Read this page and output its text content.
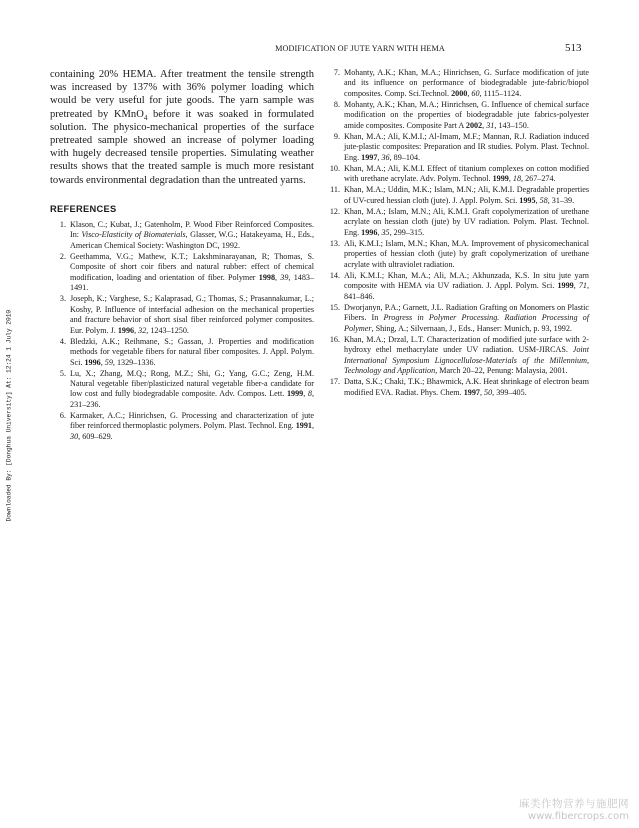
MODIFICATION OF JUTE YARN WITH HEMA	513
Downloaded By: [Donghua University] At: 12:24 1 July 2010

containing 20% HEMA. After treatment the tensile strength was increased by 137% with 36% polymer loading which would be very useful for jute goods. The yarn sample was pretreated by KMnO$_4$ before it was soaked in formulated solution. The physico-mechanical properties of the surface pretreated sample showed an increase of polymer loading with hugely decreased tensile properties. Simulating weather results shows that the treated sample is much more resistant towards environmental degradation than the untreated yarns.

REFERENCES
1. Klason, C.; Kubat, J.; Gatenholm, P. Wood Fiber Reinforced Composites. In: Visco-Elasticity of Biomaterials, Glasser, W.G.; Hatakeyama, H., Eds., American Chemical Society: Washington DC, 1992.
2. Geethamma, V.G.; Mathew, K.T.; Lakshminarayanan, R; Thomas, S. Composite of short coir fibers and natural rubber: effect of chemical modification, loading and orientation of fiber. Polymer 1998, 39, 1483–1491.
3. Joseph, K.; Varghese, S.; Kalaprasad, G.; Thomas, S.; Prasannakumar, L.; Koshy, P. Influence of interfacial adhesion on the mechanical properties and fracture behavior of short sisal fiber reinforced polymer composites. Eur. Polym. J. 1996, 32, 1243–1250.
4. Bledzki, A.K.; Reihmane, S.; Gassan, J. Properties and modification methods for vegetable fibers for natural fiber composites. J. Appl. Polym. Sci. 1996, 59, 1329–1336.
5. Lu, X.; Zhang, M.Q.; Rong, M.Z.; Shi, G.; Yang, G.C.; Zeng, H.M. Natural vegetable fiber/plasticized natural vegetable fiber-a candidate for low cost and fully biodegradable composite. Adv. Compos. Lett. 1999, 8, 231–236.
6. Karmaker, A.C.; Hinrichsen, G. Processing and characterization of jute fiber reinforced thermoplastic polymers. Polym. Plast. Technol. Eng. 1991, 30, 609–629.
7. Mohanty, A.K.; Khan, M.A.; Hinrichsen, G. Surface modification of jute and its influence on performance of biodegradable jute-fabric/biopol composites. Comp. Sci.Technol. 2000, 60, 1115–1124.
8. Mohanty, A.K.; Khan, M.A.; Hinrichsen, G. Influence of chemical surface modification on the properties of biodegradable jute fabrics-polyester amide composites. Composite Part A 2002, 31, 143–150.
9. Khan, M.A.; Ali, K.M.I.; Al-Imam, M.F.; Mannan, R.J. Radiation induced jute-plastic composites: Preparation and IR studies. Polym. Plast. Technol. Eng. 1997, 36, 89–104.
10. Khan, M.A.; Ali, K.M.I. Effect of titanium complexes on cotton modified with urethane acrylate. Adv. Polym. Technol. 1999, 18, 267–274.
11. Khan, M.A.; Uddin, M.K.; Islam, M.N.; Ali, K.M.I. Degradable properties of UV-cured hessian cloth (jute). J. Appl. Polym. Sci. 1995, 58, 31–39.
12. Khan, M.A.; Islam, M.N.; Ali, K.M.I. Graft copolymerization of urethane acrylate on hessian cloth (jute) by UV radiation. Polym. Plast. Technol. Eng. 1996, 35, 299–315.
13. Ali, K.M.I.; Islam, M.N.; Khan, M.A. Improvement of physicomechanical properties of hessian cloth (jute) by graft copolymerization of urethane acrylate with ultraviolet radiation.
14. Ali, K.M.I.; Khan, M.A.; Ali, M.A.; Akhunzada, K.S. In situ jute yarn composite with HEMA via UV radiation. J. Appl. Polym. Sci. 1999, 71, 841–846.
15. Dworjanyn, P.A.; Garnett, J.L. Radiation Grafting on Monomers on Plastic Fibers. In Progress in Polymer Processing. Radiation Processing of Polymer, Shing, A.; Silvernaan, J., Eds., Hanser: Munich, p. 93, 1992.
16. Khan, M.A.; Drzal, L.T. Characterization of modified jute surface with 2-hydroxy ethel methacrylate under UV radiation. USM-JIRCAS. Joint International Symposium Lignocellulose-Materials of the Millennium, Technology and Application, March 20–22, Penung: Malaysia, 2001.
17. Datta, S.K.; Chaki, T.K.; Bhawmick, A.K. Heat shrinkage of electron beam modified EVA. Radiat. Phys. Chem. 1997, 50, 399–405.
麻类作物营养与施肥网
www.fibercrops.com
